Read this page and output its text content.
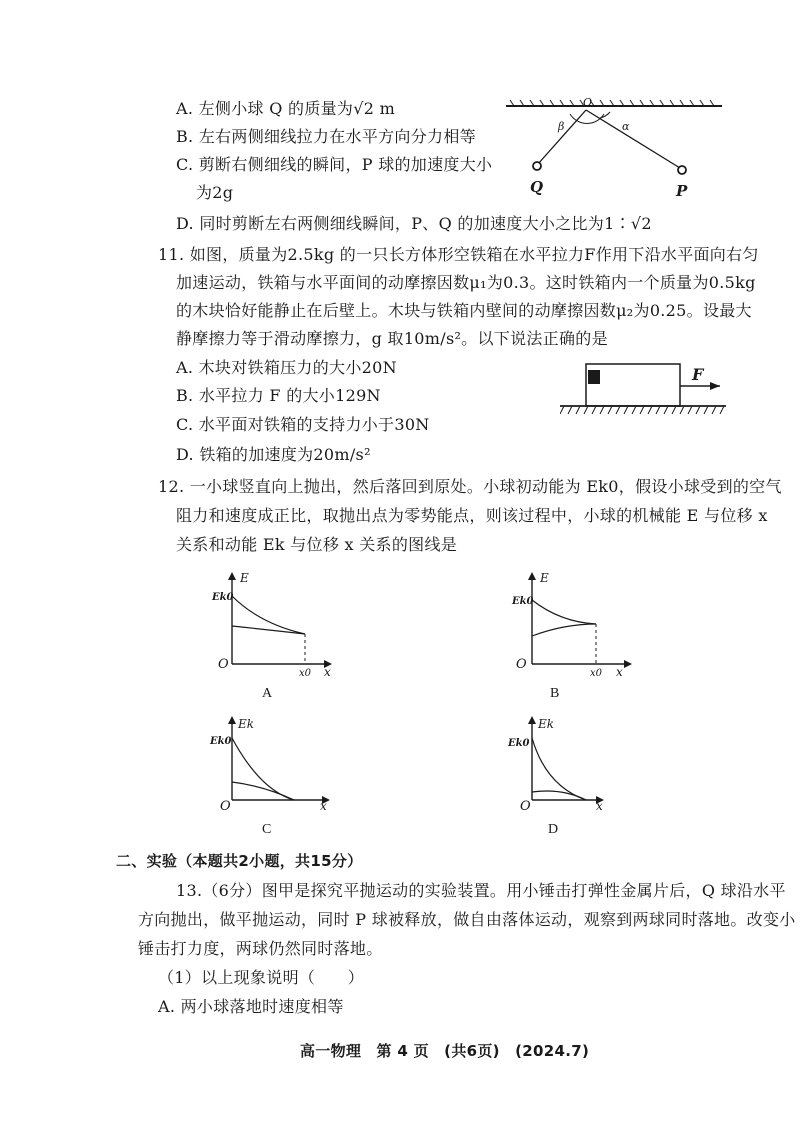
A. 左侧小球 Q 的质量为√2 m
B. 左右两侧细线拉力在水平方向分力相等
C. 剪断右侧细线的瞬间，P 球的加速度大小
为2g
D. 同时剪断左右两侧细线瞬间，P、Q 的加速度大小之比为1∶√2
O
β	α
Q	P
11. 如图，质量为2.5kg 的一只长方体形空铁箱在水平拉力F作用下沿水平面向右匀
加速运动，铁箱与水平面间的动摩擦因数μ₁为0.3。这时铁箱内一个质量为0.5kg
的木块恰好能静止在后壁上。木块与铁箱内壁间的动摩擦因数μ₂为0.25。设最大
静摩擦力等于滑动摩擦力，g 取10m/s²。以下说法正确的是
A. 木块对铁箱压力的大小20N
B. 水平拉力 F 的大小129N
C. 水平面对铁箱的支持力小于30N
D. 铁箱的加速度为20m/s²
F
12. 一小球竖直向上抛出，然后落回到原处。小球初动能为 Ek0，假设小球受到的空气
阻力和速度成正比，取抛出点为零势能点，则该过程中，小球的机械能 E 与位移 x
关系和动能 Ek 与位移 x 关系的图线是
E
Ek0
O
x0 x
A
E
Ek0
O
x0 x
B
Ek
Ek0
O	x
C
Ek
Ek0
O	x
D
二、实验（本题共2小题，共15分）
13.（6分）图甲是探究平抛运动的实验装置。用小锤击打弹性金属片后，Q 球沿水平
方向抛出，做平抛运动，同时 P 球被释放，做自由落体运动，观察到两球同时落地。改变小
锤击打力度，两球仍然同时落地。
（1）以上现象说明（　　）
A. 两小球落地时速度相等
高一物理　第 4 页　(共6页)　(2024.7)
